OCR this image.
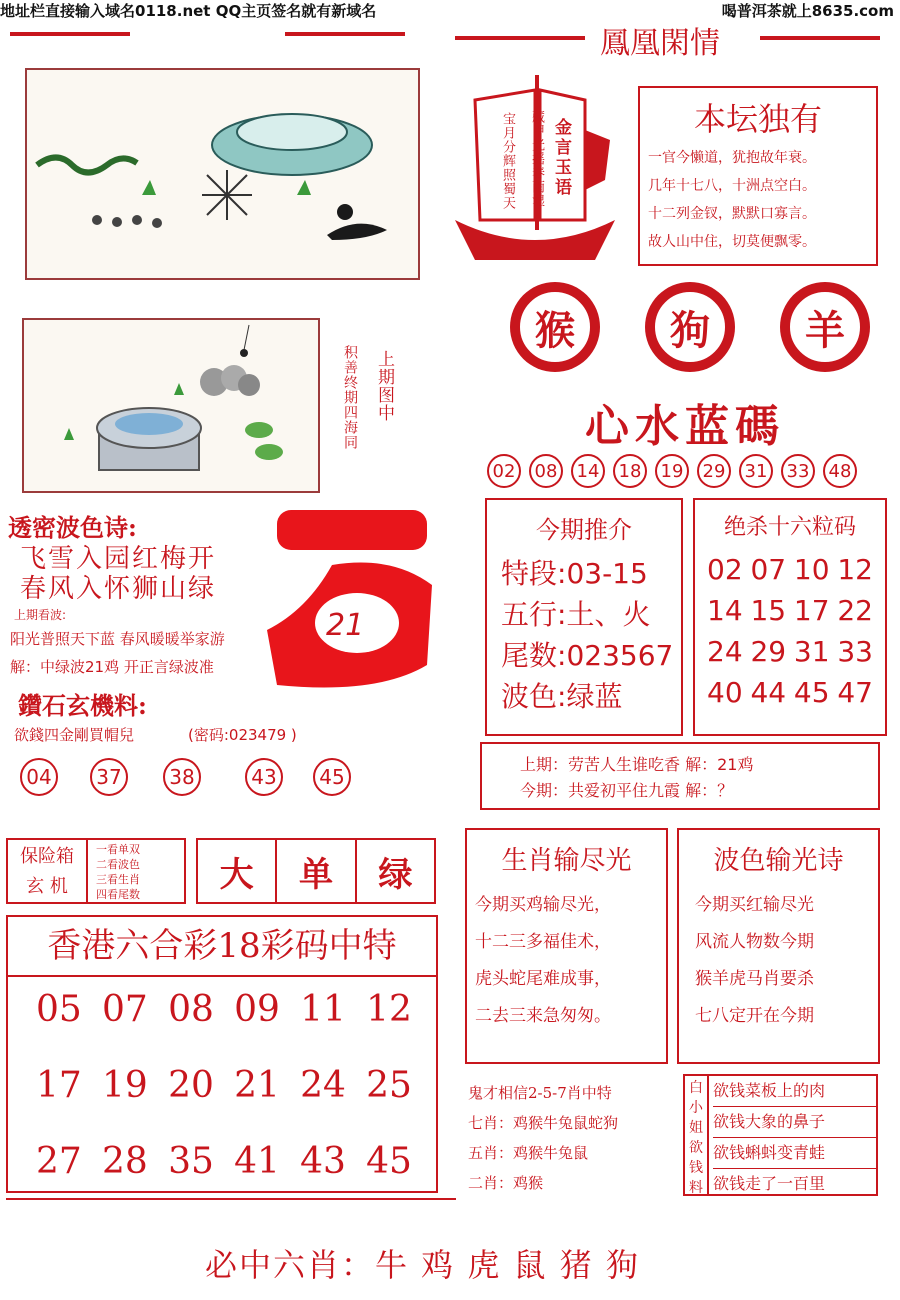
地址栏直接输入域名0118.net QQ主页签名就有新域名	喝普洱茶就上8635.com
鳳凰閑情
金言玉语
藏甲光摇春雨湿
宝月分辉照蜀天	本坛独有
一官今懒道，犹抱故年衰。
几年十七八，十洲点空白。
十二列金钗，默默口寡言。
故人山中住，切莫便飘零。
上期图中
积善终期四海同
猴	狗	羊
心水蓝碼
02	08	14	18	19	29	31	33	48
今期推介
特段:03-15
五行:土、火
尾数:023567
波色:绿蓝
绝杀十六粒码
02 07 10 12
14 15 17 22
24 29 31 33
40 44 45 47
上期：劳苦人生谁吃香 解：21鸡
今期：共爱初平住九霞 解：？
透密波色诗:
飞雪入园红梅开
春风入怀狮山绿
上期看波:
阳光普照天下蓝 春风暖暖举家游
解：中绿波21鸡 开正言绿波准
21
鑽石玄機料:
欲錢四金剛買帽兒	(密码:023479 )
04	37	38	43	45
保险箱
玄 机
一看单双
二看波色
三看生肖
四看尾数	大	单	绿
香港六合彩18彩码中特
05 07 08 09 11 12
17 19 20 21 24 25
27 28 35 41 43 45
生肖输尽光
今期买鸡输尽光，
十二三多福佳术，
虎头蛇尾难成事，
二去三来急匆匆。
波色输光诗
今期买红输尽光
风流人物数今期
猴羊虎马肖要杀
七八定开在今期
鬼才相信2-5-7肖中特
七肖：鸡猴牛兔鼠蛇狗
五肖：鸡猴牛兔鼠
二肖：鸡猴
白小姐欲钱料
欲钱菜板上的肉
欲钱大象的鼻子
欲钱蝌蚪变青蛙
欲钱走了一百里
必中六肖：牛 鸡 虎 鼠 猪 狗
